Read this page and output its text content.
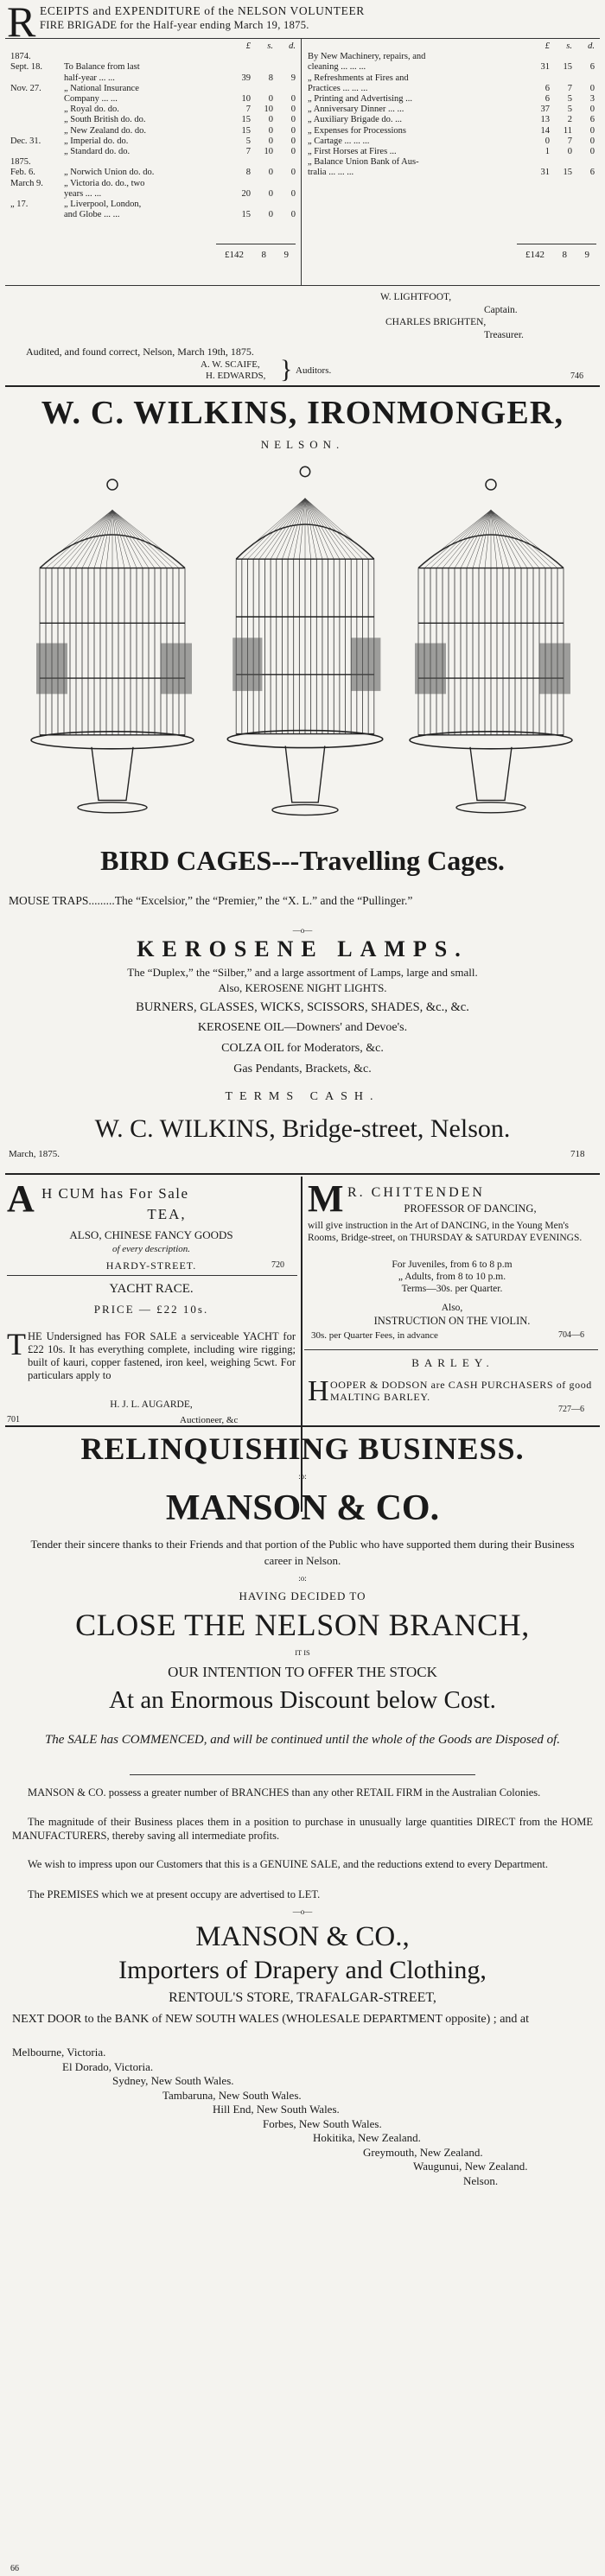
R ECEIPTS and EXPENDITURE of the NELSON VOLUNTEER
FIRE BRIGADE for the Half-year ending March 19, 1875.
		£	s.	d.
1874.				
Sept. 18.	To Balance from last			
	half-year ... ...	39	8	9
Nov. 27.	„ National Insurance			
	Company ... ...	10	0	0
	„ Royal do. do.	7	10	0
	„ South British do. do.	15	0	0
	„ New Zealand do. do.	15	0	0
Dec. 31.	„ Imperial do. do.	5	0	0
	„ Standard do. do.	7	10	0
1875.				
Feb. 6.	„ Norwich Union do. do.	8	0	0
March 9.	„ Victoria do. do., two			
	years ... ...	20	0	0
„ 17.	„ Liverpool, London,			
	and Globe ... ...	15	0	0
£142 8 9
	£	s.	d.
By New Machinery, repairs, and			
cleaning ... ... ...	31	15	6
„ Refreshments at Fires and			
Practices ... ... ...	6	7	0
„ Printing and Advertising ...	6	5	3
„ Anniversary Dinner ... ...	37	5	0
„ Auxiliary Brigade do. ...	13	2	6
„ Expenses for Processions	14	11	0
„ Cartage ... ... ...	0	7	0
„ First Horses at Fires ...	1	0	0
„ Balance Union Bank of Aus-			
tralia ... ... ...	31	15	6
£142 8 9
W. LIGHTFOOT,
Captain.
CHARLES BRIGHTEN,
Treasurer.
Audited, and found correct, Nelson, March 19th, 1875.
A. W. SCAIFE,
H. EDWARDS, } Auditors.
746
W. C. WILKINS, IRONMONGER,
NELSON.
BIRD CAGES---Travelling Cages.
MOUSE TRAPS.........The “Excelsior,” the “Premier,” the “X. L.” and the “Pullinger.”
—o—
KEROSENE LAMPS.
The “Duplex,” the “Silber,” and a large assortment of Lamps, large and small.
Also, KEROSENE NIGHT LIGHTS.
BURNERS, GLASSES, WICKS, SCISSORS, SHADES, &c., &c.
KEROSENE OIL—Downers' and Devoe's.
COLZA OIL for Moderators, &c.
Gas Pendants, Brackets, &c.
TERMS CASH.
W. C. WILKINS, Bridge-street, Nelson.
March, 1875.	718
A H CUM has For Sale
TEA,
ALSO, CHINESE FANCY GOODS
of every description.
HARDY-STREET.	720
YACHT RACE.
PRICE — £22 10s.
T HE Undersigned has FOR SALE a serviceable YACHT for £22 10s. It has everything complete, including wire rigging; built of kauri, copper fastened, iron keel, weighing 5cwt. For particulars apply to
H. J. L. AUGARDE,
701	Auctioneer, &c
M R. CHITTENDEN
PROFESSOR OF DANCING,
will give instruction in the Art of DANCING, in the Young Men's Rooms, Bridge-street, on THURSDAY & SATURDAY EVENINGS.
For Juveniles, from 6 to 8 p.m
„ Adults, from 8 to 10 p.m.
Terms—30s. per Quarter.
Also,
INSTRUCTION ON THE VIOLIN.
30s. per Quarter Fees, in advance	704—6
BARLEY.
H OOPER & DODSON are CASH PURCHASERS of good MALTING BARLEY.
727—6
RELINQUISHING BUSINESS.
:o:
MANSON & CO.
Tender their sincere thanks to their Friends and that portion of the Public who have supported them during their Business career in Nelson.
:o:
HAVING DECIDED TO
CLOSE THE NELSON BRANCH,
IT IS
OUR INTENTION TO OFFER THE STOCK
At an Enormous Discount below Cost.
The SALE has COMMENCED, and will be continued until the whole of the Goods are Disposed of.
MANSON & CO. possess a greater number of BRANCHES than any other RETAIL FIRM in the Australian Colonies.
The magnitude of their Business places them in a position to purchase in unusually large quantities DIRECT from the HOME MANUFACTURERS, thereby saving all intermediate profits.
We wish to impress upon our Customers that this is a GENUINE SALE, and the reductions extend to every Department.
The PREMISES which we at present occupy are advertised to LET.
—o—
MANSON & CO.,
Importers of Drapery and Clothing,
RENTOUL'S STORE, TRAFALGAR-STREET,
NEXT DOOR to the BANK of NEW SOUTH WALES (WHOLESALE DEPARTMENT opposite) ; and at
Melbourne, Victoria.
El Dorado, Victoria.
Sydney, New South Wales.
Tambaruna, New South Wales.
Hill End, New South Wales.
Forbes, New South Wales.
Hokitika, New Zealand.
Greymouth, New Zealand.
Waugunui, New Zealand.
Nelson.
66
